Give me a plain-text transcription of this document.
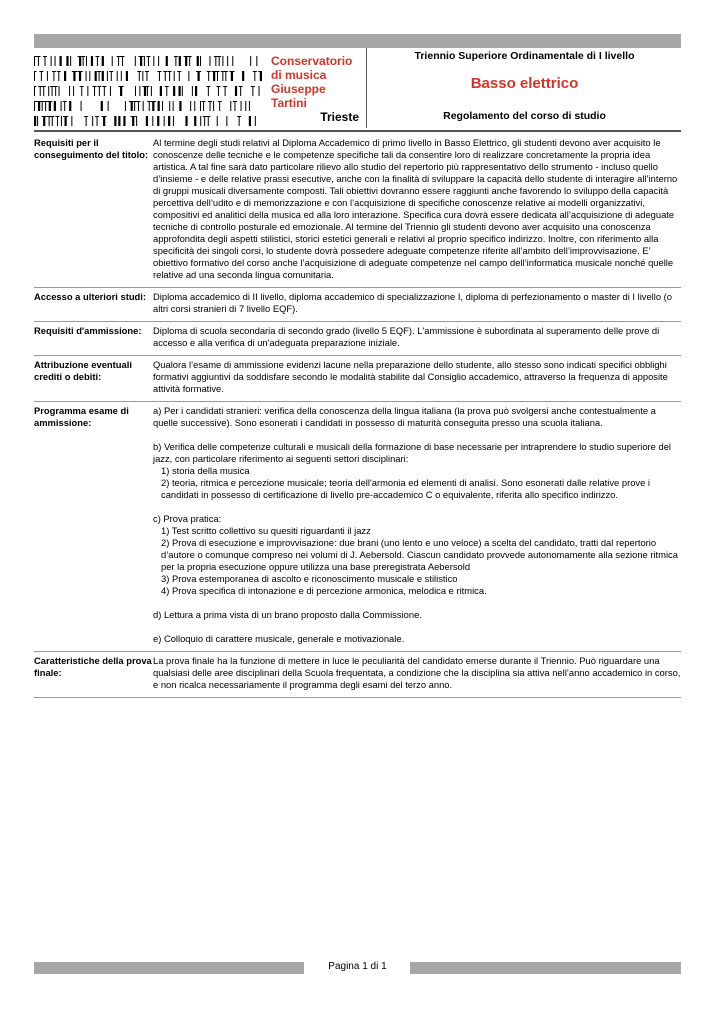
Conservatorio
di musica
Giuseppe
Tartini
Trieste
Triennio Superiore Ordinamentale di I livello
Basso elettrico
Regolamento del corso di studio
Requisiti per il conseguimento del titolo:

Al termine degli studi relativi al Diploma Accademico di primo livello in Basso Elettrico, gli studenti devono aver acquisito le conoscenze delle tecniche e le competenze specifiche tali da consentire loro di realizzare concretamente la propria idea artistica. A tal fine sarà dato particolare rilievo allo studio del repertorio più rappresentativo dello strumento - incluso quello d’insieme - e delle relative prassi esecutive, anche con la finalità di sviluppare la capacità dello studente di interagire all’interno di gruppi musicali diversamente composti. Tali obiettivi dovranno essere raggiunti anche favorendo lo sviluppo della capacità percettiva dell’udito e di memorizzazione e con l’acquisizione di specifiche conoscenze relative ai modelli organizzativi, compositivi ed analitici della musica ed alla loro interazione. Specifica cura dovrà essere dedicata all’acquisizione di adeguate tecniche di controllo posturale ed emozionale. Al termine del Triennio gli studenti devono aver acquisito una conoscenza approfondita degli aspetti stilistici, storici estetici generali e relativi al proprio specifico indirizzo. Inoltre, con riferimento alla specificità dei singoli corsi, lo studente dovrà possedere adeguate competenze riferite all’ambito dell’improvvisazione. E’ obiettivo formativo del corso anche l’acquisizione di adeguate competenze nel campo dell’informatica musicale nonché quelle relative ad una seconda lingua comunitaria.

Accesso a ulteriori studi: Diploma accademico di II livello, diploma accademico di specializzazione I, diploma di perfezionamento o master di I livello (o altri corsi stranieri di 7 livello EQF).

Requisiti d'ammissione:	Diploma di scuola secondaria di secondo grado (livello 5 EQF). L'ammissione è subordinata al superamento delle prove di accesso e alla verifica di un'adeguata preparazione iniziale.

Attribuzione eventuali crediti o debiti:

Qualora l’esame di ammissione evidenzi lacune nella preparazione dello studente, allo stesso sono indicati specifici obblighi formativi aggiuntivi da soddisfare secondo le modalità stabilite dal Consiglio accademico, attraverso la frequenza di apposite attività formative.

Programma esame di ammissione:

a) Per i candidati stranieri: verifica della conoscenza della lingua italiana (la prova può svolgersi anche contestualmente a quelle successive). Sono esonerati i candidati in possesso di maturità conseguita presso una scuola italiana.

b) Verifica delle competenze culturali e musicali della formazione di base necessarie per intraprendere lo studio superiore del jazz, con particolare riferimento ai seguenti settori disciplinari:

1) storia della musica

2) teoria, ritmica e percezione musicale; teoria dell'armonia ed elementi di analisi. Sono esonerati dalle relative prove i candidati in possesso di certificazione di livello pre-accademico C o equivalente, riferita allo specifico indirizzo.

c) Prova pratica:

1) Test scritto collettivo su quesiti riguardanti il jazz

2) Prova di esecuzione e improvvisazione: due brani (uno lento e uno veloce) a scelta del candidato, tratti dal repertorio d’autore o comunque compreso nei volumi di J. Aebersold. Ciascun candidato provvede autonomamente alla sezione ritmica per la propria esecuzione oppure utilizza una base preregistrata Aebersold

3) Prova estemporanea di ascolto e riconoscimento musicale e stilistico

4) Prova specifica di intonazione e di percezione armonica, melodica e ritmica.

d) Lettura a prima vista di un brano proposto dalla Commissione.

e) Colloquio di carattere musicale, generale e motivazionale.

Caratteristiche della prova finale:

La prova finale ha la funzione di mettere in luce le peculiarità del candidato emerse durante il Triennio. Può riguardare una qualsiasi delle aree disciplinari della Scuola frequentata, a condizione che la disciplina sia attiva nell’anno accademico in corso, e non ricalca necessariamente il programma degli esami del terzo anno.

Pagina 1 di 1
